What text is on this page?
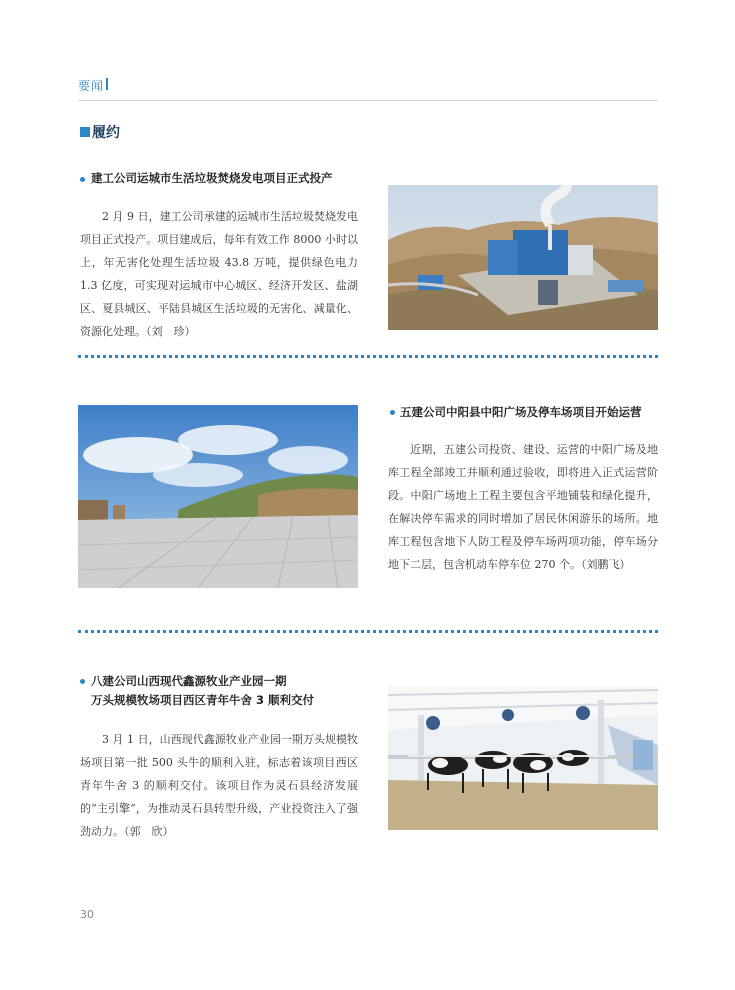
要闻
履约
建工公司运城市生活垃圾焚烧发电项目正式投产
2 月 9 日，建工公司承建的运城市生活垃圾焚烧发电项目正式投产。项目建成后，每年有效工作 8000 小时以上，年无害化处理生活垃圾 43.8 万吨，提供绿色电力 1.3 亿度，可实现对运城市中心城区、经济开发区、盐湖区、夏县城区、平陆县城区生活垃圾的无害化、减量化、资源化处理。（刘　珍）
五建公司中阳县中阳广场及停车场项目开始运营
近期，五建公司投资、建设、运营的中阳广场及地库工程全部竣工并顺利通过验收，即将进入正式运营阶段。中阳广场地上工程主要包含平地铺装和绿化提升，在解决停车需求的同时增加了居民休闲游乐的场所。地库工程包含地下人防工程及停车场两项功能，停车场分地下二层，包含机动车停车位 270 个。（刘鹏飞）
八建公司山西现代鑫源牧业产业园一期
万头规模牧场项目西区青年牛舍 3 顺利交付
3 月 1 日，山西现代鑫源牧业产业园一期万头规模牧场项目第一批 500 头牛的顺利入驻，标志着该项目西区青年牛舍 3 的顺利交付。该项目作为灵石县经济发展的“主引擎”，为推动灵石县转型升级，产业投资注入了强劲动力。（郭　欣）
30
